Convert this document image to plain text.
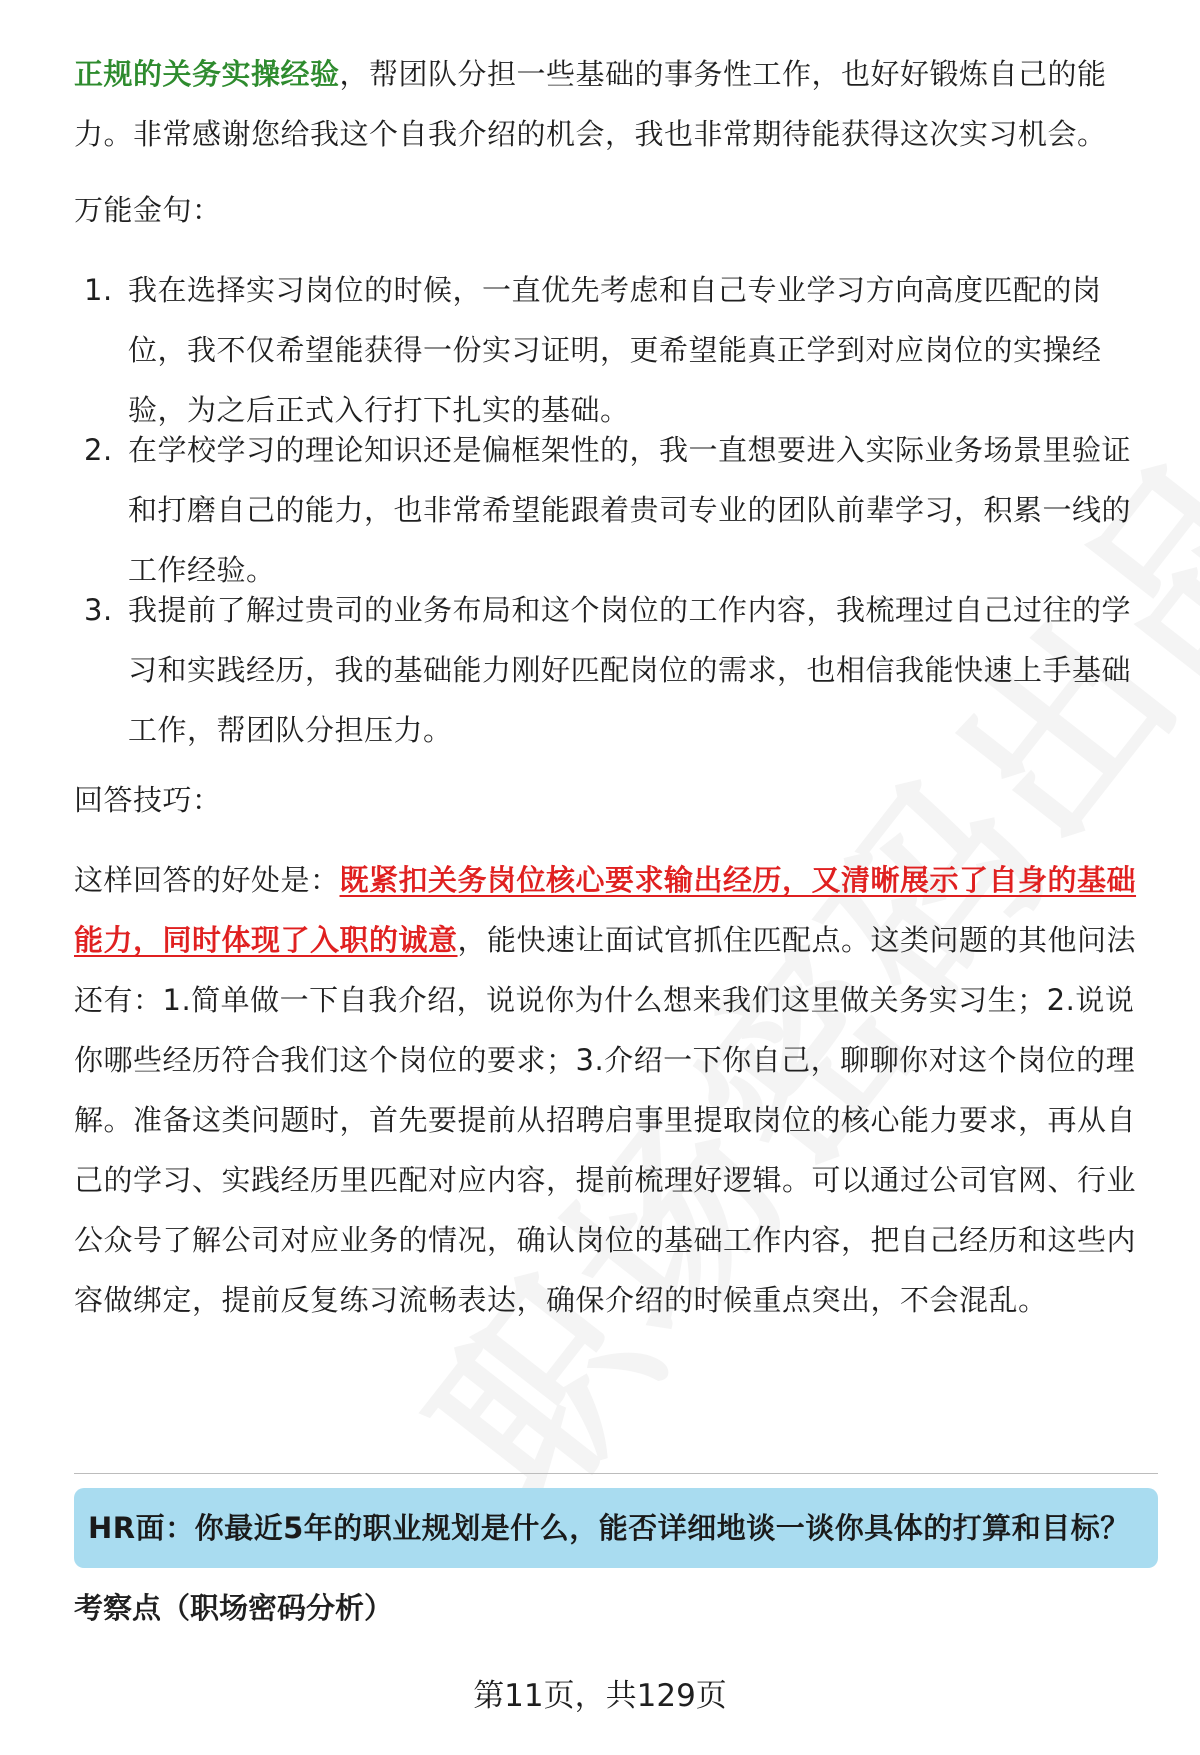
正规的关务实操经验，帮团队分担一些基础的事务性工作，也好好锻炼自己的能力。非常感谢您给我这个自我介绍的机会，我也非常期待能获得这次实习机会。
万能金句：
1. 我在选择实习岗位的时候，一直优先考虑和自己专业学习方向高度匹配的岗位，我不仅希望能获得一份实习证明，更希望能真正学到对应岗位的实操经验，为之后正式入行打下扎实的基础。
2. 在学校学习的理论知识还是偏框架性的，我一直想要进入实际业务场景里验证和打磨自己的能力，也非常希望能跟着贵司专业的团队前辈学习，积累一线的工作经验。
3. 我提前了解过贵司的业务布局和这个岗位的工作内容，我梳理过自己过往的学习和实践经历，我的基础能力刚好匹配岗位的需求，也相信我能快速上手基础工作，帮团队分担压力。
回答技巧：
这样回答的好处是：既紧扣关务岗位核心要求输出经历，又清晰展示了自身的基础能力，同时体现了入职的诚意，能快速让面试官抓住匹配点。这类问题的其他问法还有：1.简单做一下自我介绍，说说你为什么想来我们这里做关务实习生；2.说说你哪些经历符合我们这个岗位的要求；3.介绍一下你自己，聊聊你对这个岗位的理解。准备这类问题时，首先要提前从招聘启事里提取岗位的核心能力要求，再从自己的学习、实践经历里匹配对应内容，提前梳理好逻辑。可以通过公司官网、行业公众号了解公司对应业务的情况，确认岗位的基础工作内容，把自己经历和这些内容做绑定，提前反复练习流畅表达，确保介绍的时候重点突出，不会混乱。
HR面：你最近5年的职业规划是什么，能否详细地谈一谈你具体的打算和目标？
考察点（职场密码分析）
第11页，共129页
